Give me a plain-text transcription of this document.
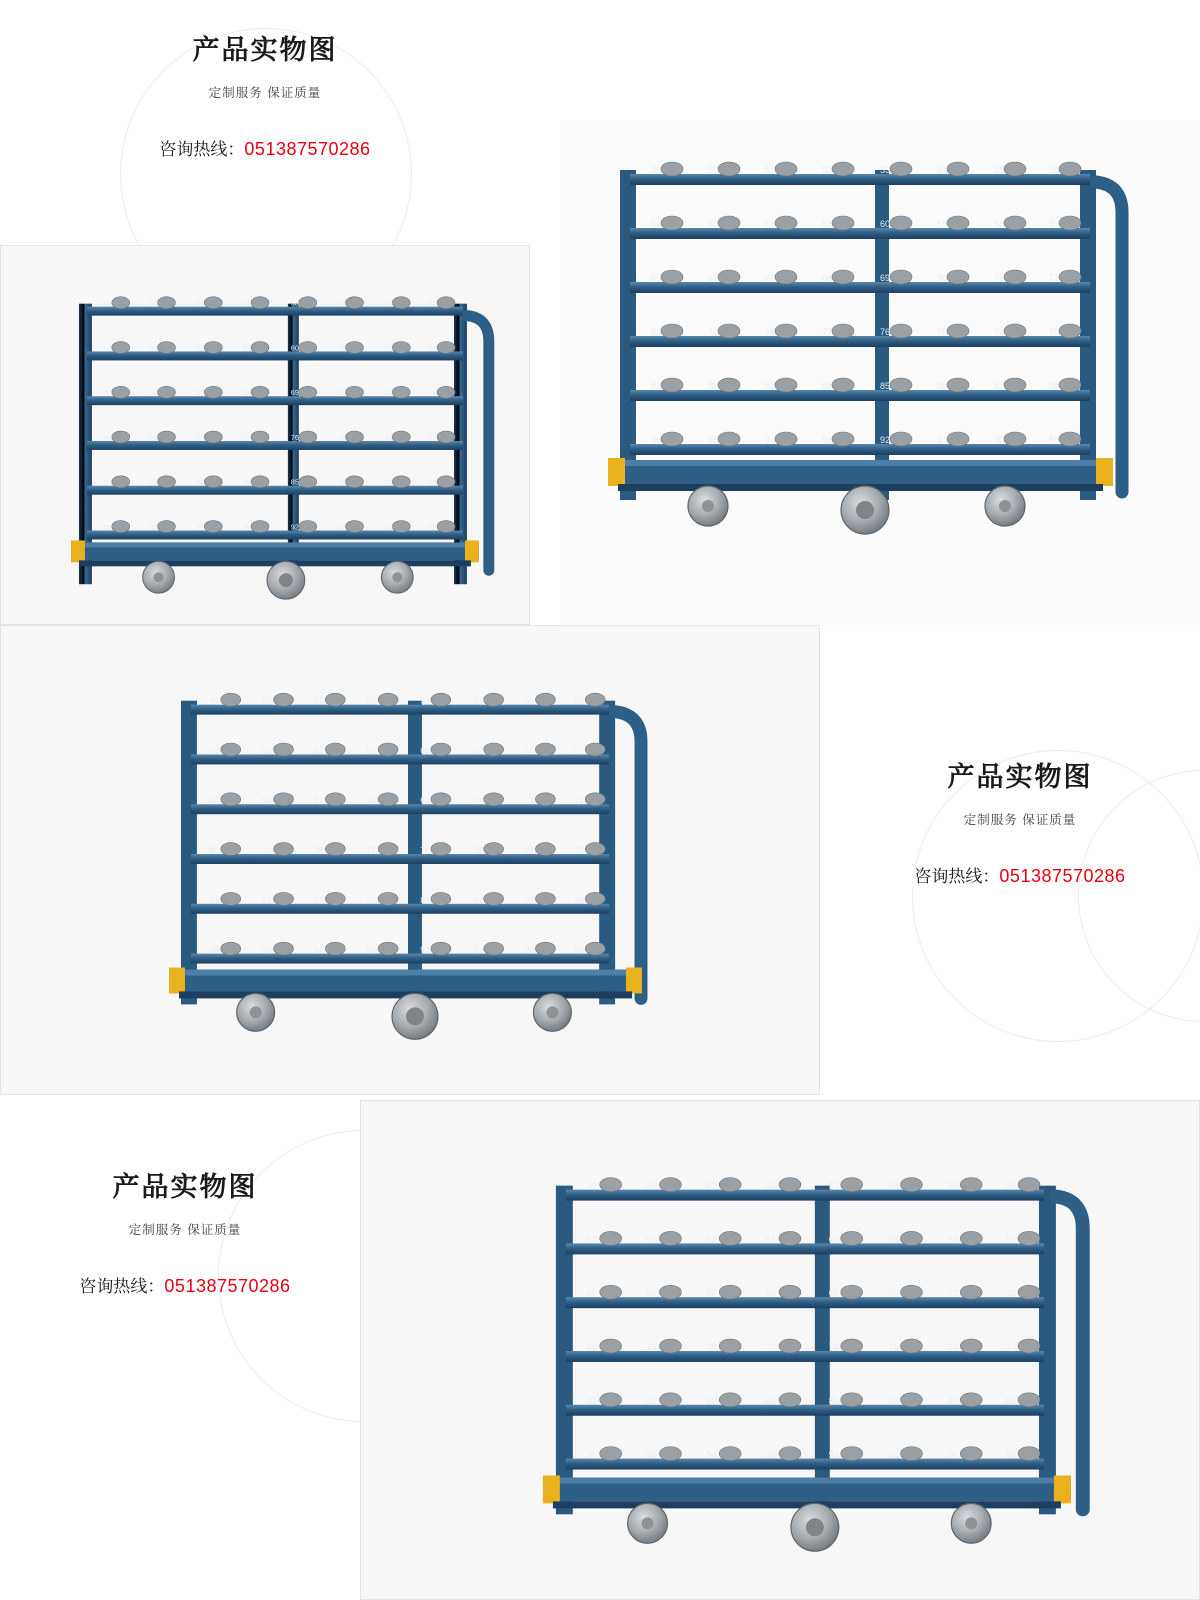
产品实物图
定制服务 保证质量
咨询热线：051387570286
49	50	51	52	53	54	55	56
64	63	62	61	60	59	58	57
65	66	67	68	69	70	71	72
80	79	78	77	76	75	74	73
81	82	83	84	85	86	87	88
96	95	94	93	92	91	90	89
49	50	51	52	53	54	55	56
64	63	62	61	60	59	58	57
65	66	67	68	69	70	71	72
80	79	78	77	76	75	74	73
81	82	83	84	85	86	87	88
96	95	94	93	92	91	90	89
49	50	51	52	53	54	55	56
64	63	62	61	60	59	58	57
65	66	67	68	69	70	71	72
80	79	78	77	76	75	74	73
81	82	83	84	85	86	87	88
96	95	94	93	92	91	90	89
产品实物图
定制服务 保证质量
咨询热线：051387570286
产品实物图
定制服务 保证质量
咨询热线：051387570286
49	50	51	52	53	54	55	56
64	63	62	61	60	59	58	57
65	66	67	68	69	70	71	72
80	79	78	77	76	75	74	73
81	82	83	84	85	86	87	88
96	95	94	93	92	91	90	89
